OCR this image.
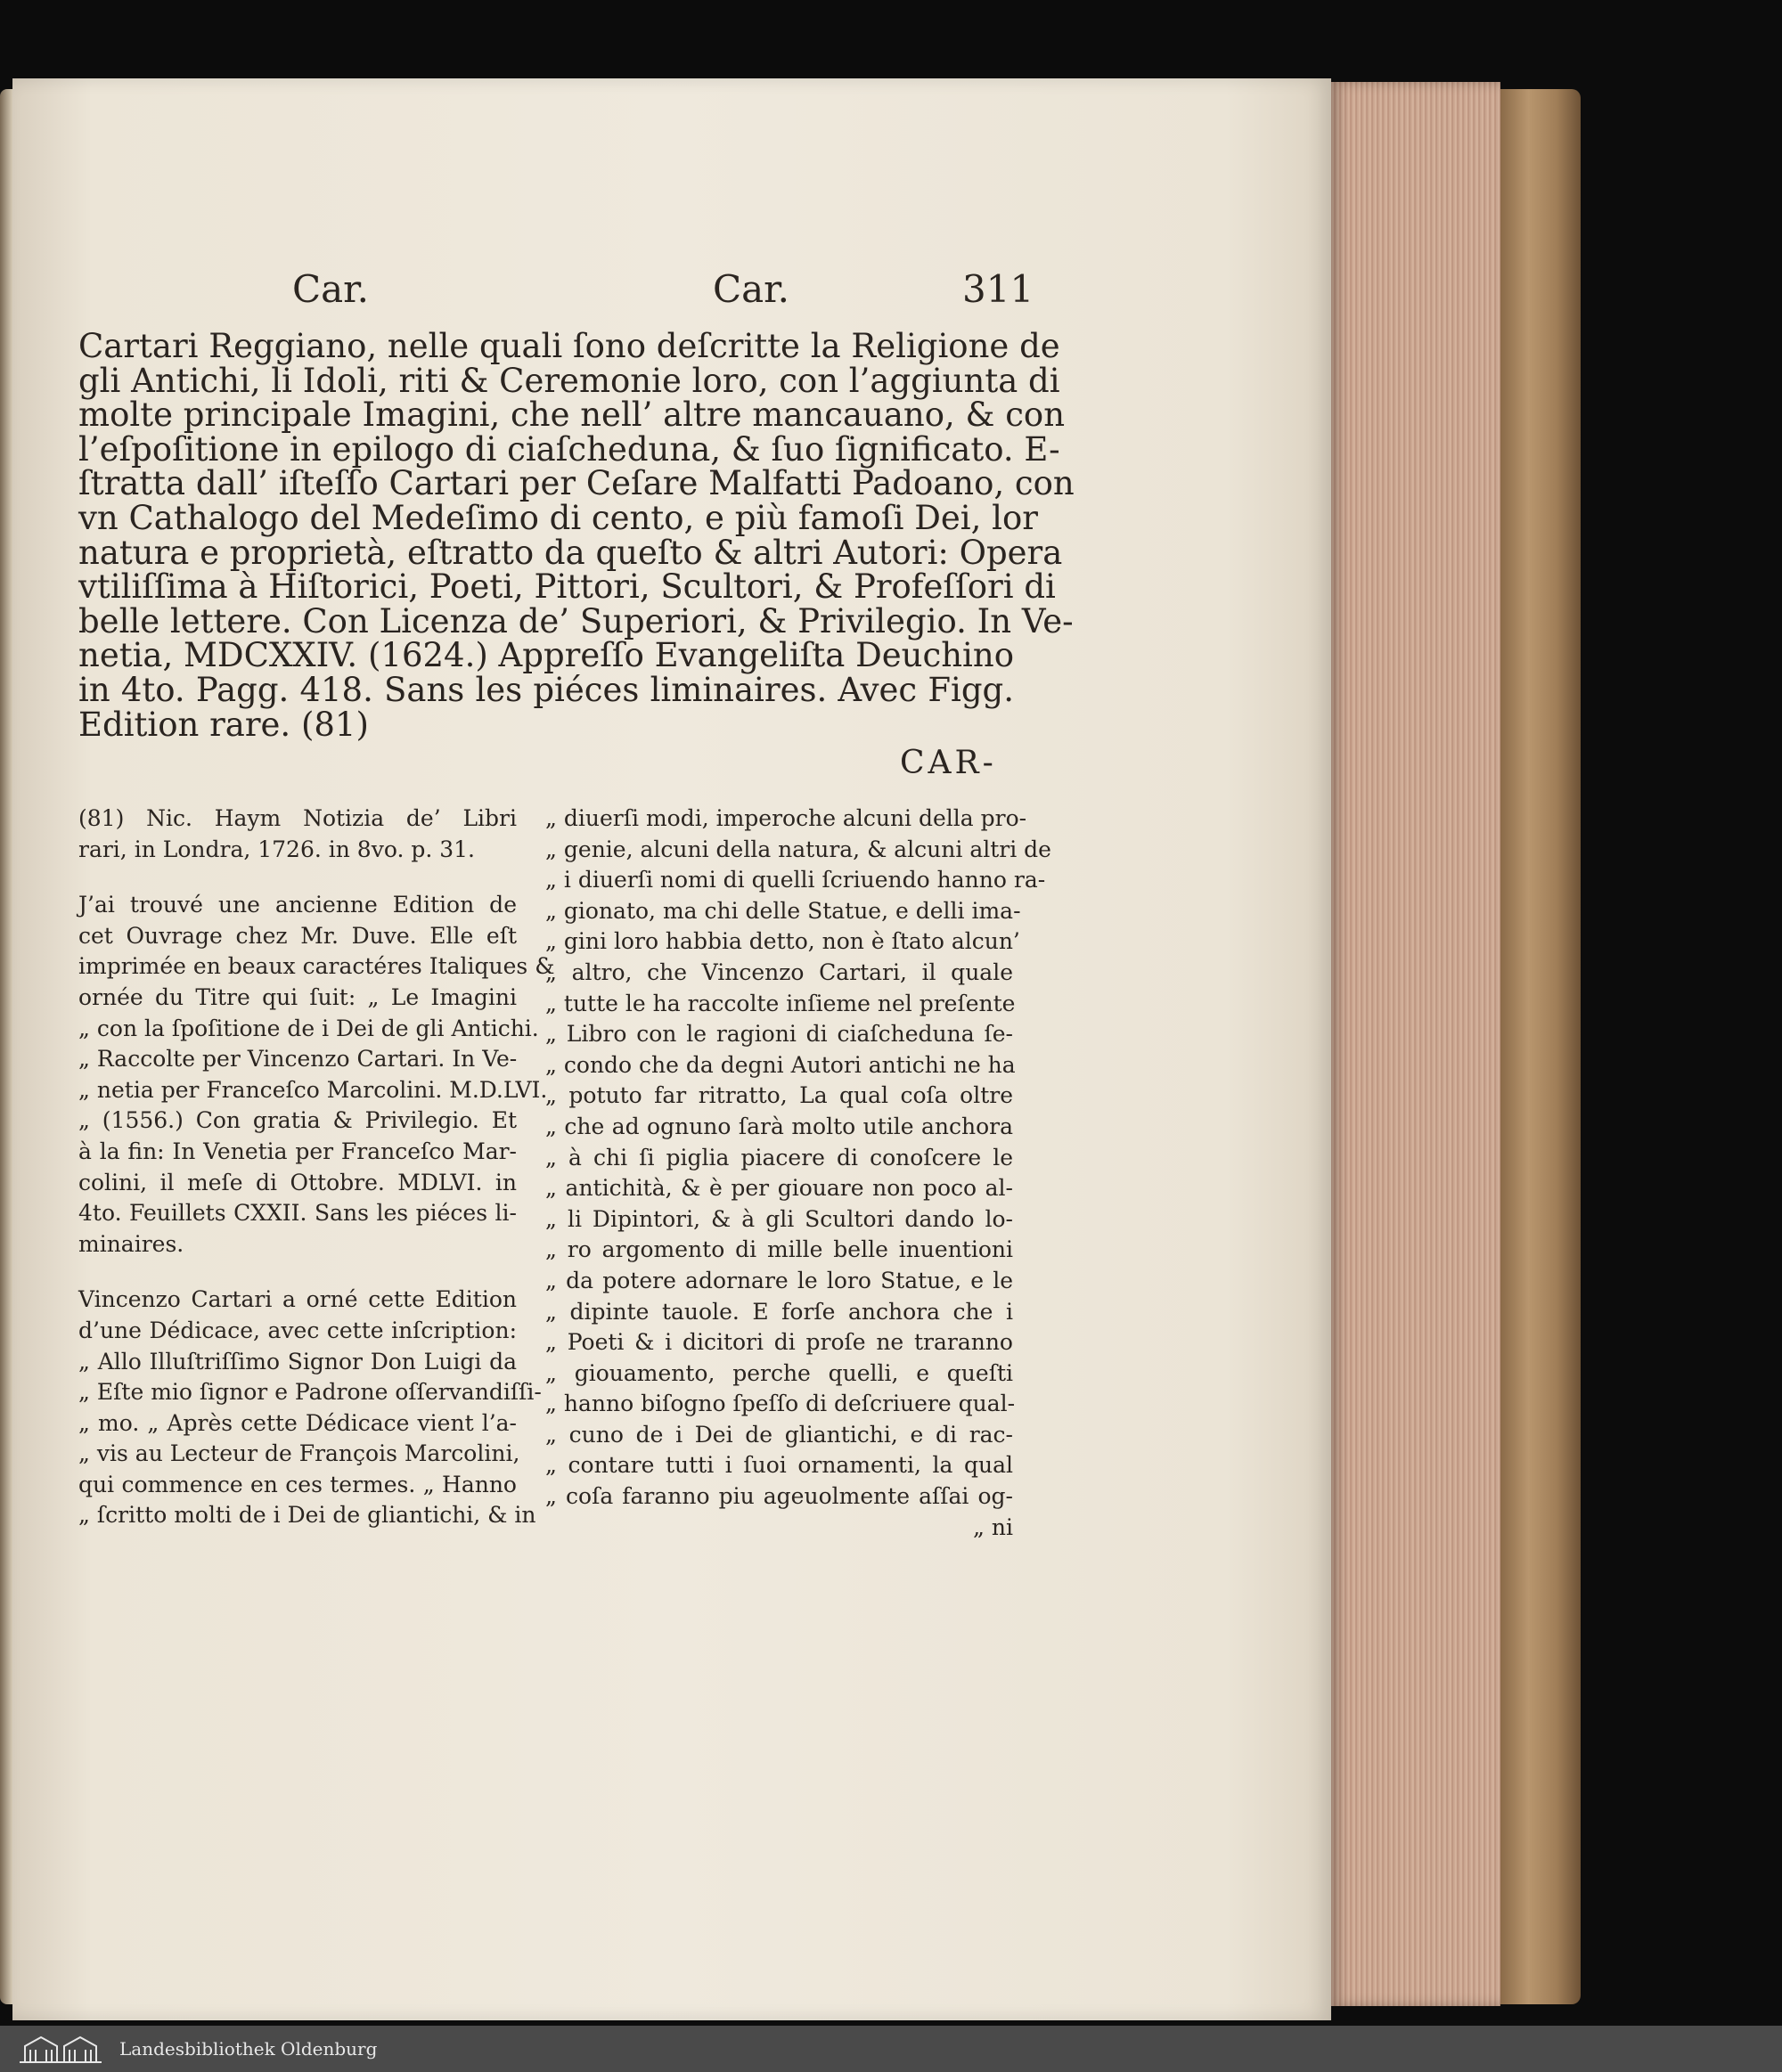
Car.	Car.	311
Cartari Reggiano, nelle quali ſono deſcritte la Religione de
gli Antichi, li Idoli, riti & Ceremonie loro, con l’aggiunta di
molte principale Imagini, che nell’ altre mancauano, & con
l’eſpoſitione in epilogo di ciaſcheduna, & ſuo ſignificato. E-
ſtratta dall’ iſteſſo Cartari per Ceſare Malfatti Padoano, con
vn Cathalogo del Medeſimo di cento, e più famoſi Dei, lor
natura e proprietà, eſtratto da queſto & altri Autori: Opera
vtiliſſima à Hiſtorici, Poeti, Pittori, Scultori, & Profeſſori di
belle lettere. Con Licenza de’ Superiori, & Privilegio. In Ve-
netia, MDCXXIV. (1624.) Appreſſo Evangeliſta Deuchino
in 4to. Pagg. 418. Sans les piéces liminaires. Avec Figg.
Edition rare. (81)
CAR-
(81) Nic. Haym Notizia de’ Libri
rari, in Londra, 1726. in 8vo. p. 31.
J’ai trouvé une ancienne Edition de
cet Ouvrage chez Mr. Duve. Elle eſt
imprimée en beaux caractéres Italiques &
ornée du Titre qui ſuit: „ Le Imagini
„ con la ſpoſitione de i Dei de gli Antichi.
„ Raccolte per Vincenzo Cartari. In Ve-
„ netia per Franceſco Marcolini. M.D.LVI.
„ (1556.) Con gratia & Privilegio. Et
à la fin: In Venetia per Franceſco Mar-
colini, il meſe di Ottobre. MDLVI. in
4to. Feuillets CXXII. Sans les piéces li-
minaires.
Vincenzo Cartari a orné cette Edition
d’une Dédicace, avec cette inſcription:
„ Allo Illuſtriſſimo Signor Don Luigi da
„ Eſte mio ſignor e Padrone oſſervandiſſi-
„ mo. „ Après cette Dédicace vient l’a-
„ vis au Lecteur de François Marcolini,
qui commence en ces termes. „ Hanno
„ ſcritto molti de i Dei de gliantichi, & in
„ diuerſi modi, imperoche alcuni della pro-
„ genie, alcuni della natura, & alcuni altri de
„ i diuerſi nomi di quelli ſcriuendo hanno ra-
„ gionato, ma chi delle Statue, e delli ima-
„ gini loro habbia detto, non è ſtato alcun’
„ altro, che Vincenzo Cartari, il quale
„ tutte le ha raccolte inſieme nel preſente
„ Libro con le ragioni di ciaſcheduna ſe-
„ condo che da degni Autori antichi ne ha
„ potuto far ritratto, La qual coſa oltre
„ che ad ognuno ſarà molto utile anchora
„ à chi ſi piglia piacere di conoſcere le
„ antichità, & è per giouare non poco al-
„ li Dipintori, & à gli Scultori dando lo-
„ ro argomento di mille belle inuentioni
„ da potere adornare le loro Statue, e le
„ dipinte tauole. E forſe anchora che i
„ Poeti & i dicitori di proſe ne traranno
„ giouamento, perche quelli, e queſti
„ hanno biſogno ſpeſſo di deſcriuere qual-
„ cuno de i Dei de gliantichi, e di rac-
„ contare tutti i ſuoi ornamenti, la qual
„ coſa faranno piu ageuolmente aſſai og-
„ ni
Landesbibliothek Oldenburg
